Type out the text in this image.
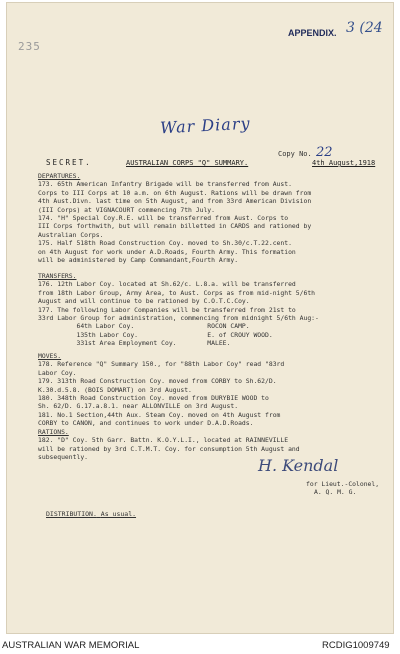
235
APPENDIX. 3 (24
War Diary
Copy No. 22
SECRET.	AUSTRALIAN CORPS "Q" SUMMARY.	4th August,1918
DEPARTURES.
173. 65th American Infantry Brigade will be transferred from Aust.
Corps to III Corps at 10 a.m. on 6th August. Rations will be drawn from
4th Aust.Divn. last time on 5th August, and from 33rd American Division
(III Corps) at VIGNACOURT commencing 7th July.
174. "H" Special Coy.R.E. will be transferred from Aust. Corps to
III Corps forthwith, but will remain billetted in CARDS and rationed by
Australian Corps.
175. Half 518th Road Construction Coy. moved to Sh.30/c.T.22.cent.
on 4th August for work under A.D.Roads, Fourth Army. This formation
will be administered by Camp Commandant,Fourth Army.
TRANSFERS.
176. 12th Labor Coy. located at Sh.62/c. L.8.a. will be transferred
from 18th Labor Group, Army Area, to Aust. Corps as from mid-night 5/6th
August and will continue to be rationed by C.O.T.C.Coy.
177. The following Labor Companies will be transferred from 21st to
33rd Labor Group for administration, commencing from midnight 5/6th Aug:-
64th Labor Coy.                   ROCON CAMP.
135th Labor Coy.                  E. of CROUY WOOD.
331st Area Employment Coy.        MALEE.
MOVES.
178. Reference "Q" Summary 150., for "88th Labor Coy" read "83rd
Labor Coy.
179. 313th Road Construction Coy. moved from CORBY to Sh.62/D.
K.30.d.5.8. (BOIS DOMART) on 3rd August.
180. 348th Road Construction Coy. moved from DURYBIE WOOD to
Sh. 62/D. G.17.a.8.1. near ALLONVILLE on 3rd August.
181. No.1 Section,44th Aux. Steam Coy. moved on 4th August from
CORBY to CANON, and continues to work under D.A.D.Roads.
RATIONS.
182. "D" Coy. 5th Garr. Battn. K.O.Y.L.I., located at RAINNEVILLE
will be rationed by 3rd C.T.M.T. Coy. for consumption 5th August and
subsequently.	H. Kendal
for Lieut.-Colonel,
A. Q. M. G.
DISTRIBUTION. As usual.
AUSTRALIAN WAR MEMORIAL	RCDIG1009749
